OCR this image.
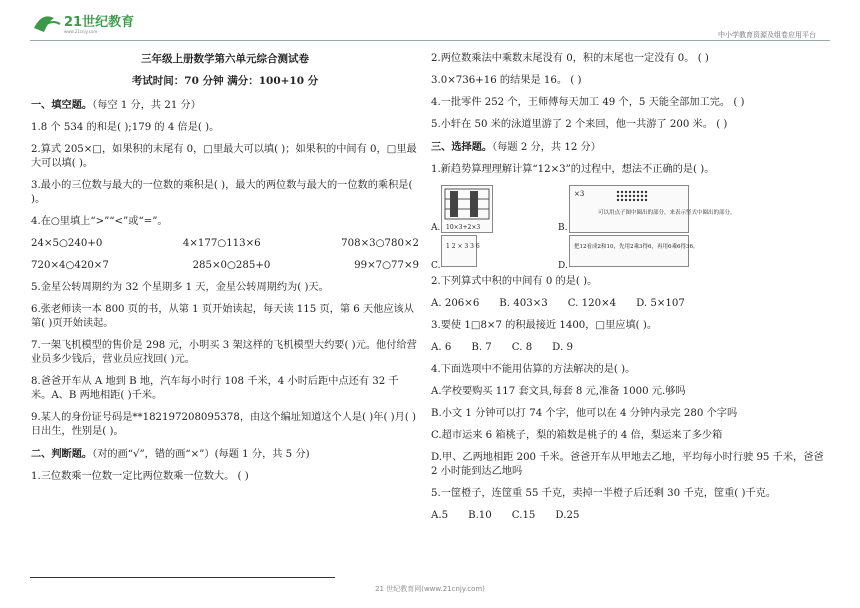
21世纪教育
www.21cnjy.com	中小学教育资源及组卷应用平台
三年级上册数学第六单元综合测试卷
考试时间：70 分钟 满分：100+10 分

一、填空题。（每空 1 分，共 21 分）

1.8 个 534 的和是( );179 的 4 倍是( )。

2.算式 205×□，如果积的末尾有 0，□里最大可以填( )；如果积的中间有 0，□里最大可以填( )。

3.最小的三位数与最大的一位数的乘积是( )，最大的两位数与最大的一位数的乘积是( )。

4.在○里填上“>”“<”或“=”。

24×5○240+0	4×177○113×6	708×3○780×2
720×4○420×7	285×0○285+0	99×7○77×9

5.金星公转周期约为 32 个星期多 1 天，金星公转周期约为( )天。

6.张老师读一本 800 页的书，从第 1 页开始读起，每天读 115 页，第 6 天他应该从第( )页开始读起。

7.一架飞机模型的售价是 298 元，小明买 3 架这样的飞机模型大约要( )元。他付给营业员多少钱后，营业员应找回( )元。

8.爸爸开车从 A 地到 B 地，汽车每小时行 108 千米，4 小时后距中点还有 32 千米。A、B 两地相距( )千米。

9.某人的身份证号码是**182197208095378，由这个编址知道这个人是( )年( )月( )日出生，性别是( )。

二、判断题。（对的画“√”，错的画“×”）(每题 1 分，共 5 分)

1.三位数乘一位数一定比两位数乘一位数大。 ( )

2.两位数乘法中乘数末尾没有 0，积的末尾也一定没有 0。 ( )

3.0×736+16 的结果是 16。 ( )

4.一批零件 252 个，王师傅每天加工 49 个，5 天能全部加工完。 ( )

5.小轩在 50 米的泳道里游了 2 个来回，他一共游了 200 米。 ( )

三、选择题。（每题 2 分，共 12 分）

1.新趋势算理理解计算“12×3”的过程中，想法不正确的是( )。

A. 10×3+2×3	B.
×3
可以用点子图中圈出的部分，来表示竖式中圈出的部分。
C.
1 2 × 3 3 6
D.
把12看成2和10，先用2乘3得6，再用6乘6得36。

2.下列算式中积的中间有 0 的是( )。

A. 206×6 B. 403×3 C. 120×4 D. 5×107

3.要使 1□8×7 的积最接近 1400，□里应填( )。

A. 6 B. 7 C. 8 D. 9

4.下面选项中不能用估算的方法解决的是( )。

A.学校要购买 117 套文具,每套 8 元,准备 1000 元.够吗

B.小文 1 分钟可以打 74 个字，他可以在 4 分钟内录完 280 个字吗

C.超市运来 6 箱桃子，梨的箱数是桃子的 4 倍，梨运来了多少箱

D.甲、乙两地相距 200 千米。爸爸开车从甲地去乙地，平均每小时行驶 95 千米，爸爸 2 小时能到达乙地吗

5.一筐橙子，连筐重 55 千克，卖掉一半橙子后还剩 30 千克，筐重( )千克。

A.5 B.10 C.15 D.25
21 世纪教育网(www.21cnjy.com)
